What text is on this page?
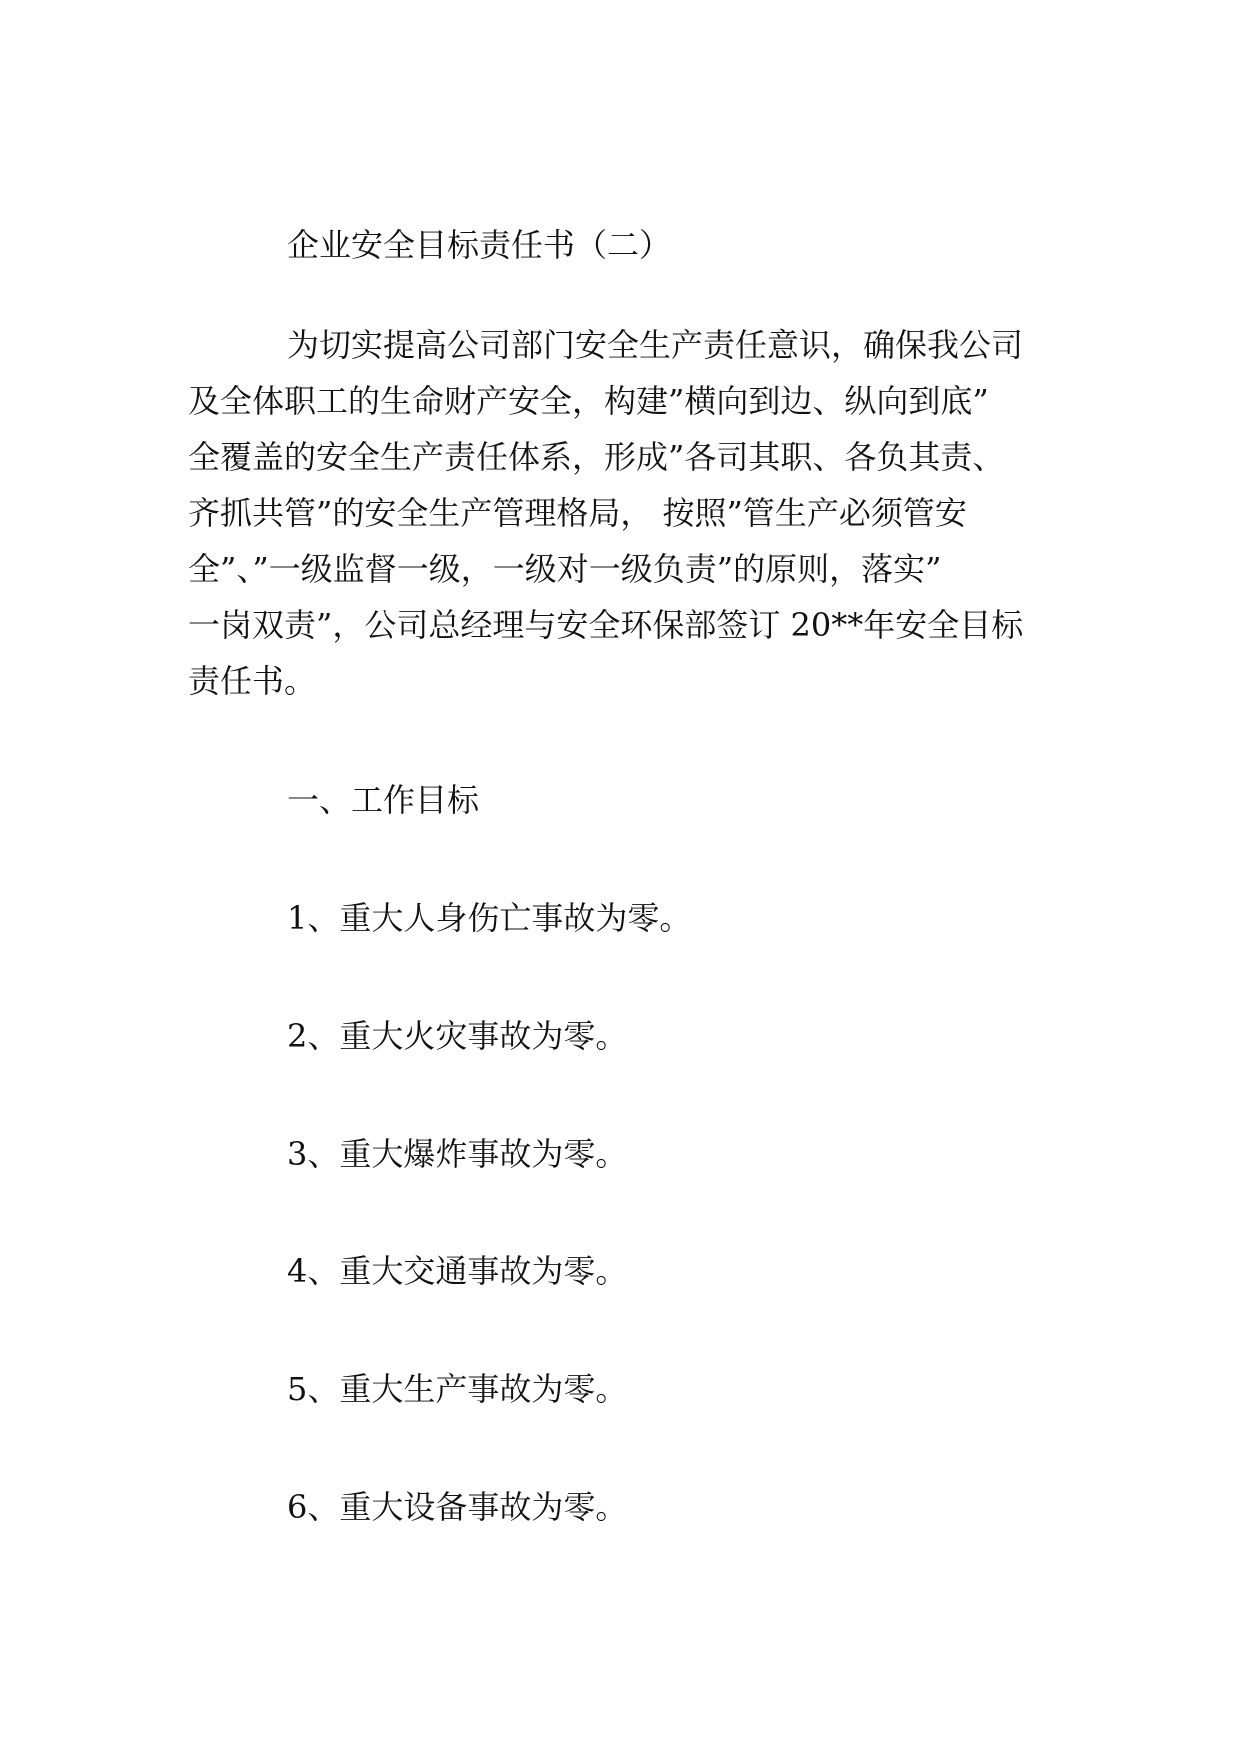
企业安全目标责任书（二）

为切实提高公司部门安全生产责任意识，确保我公司

及全体职工的生命财产安全，构建”横向到边、纵向到底”

全覆盖的安全生产责任体系，形成”各司其职、各负其责、

齐抓共管”的安全生产管理格局， 按照”管生产必须管安

全”、”一级监督一级，一级对一级负责”的原则，落实”

一岗双责”，公司总经理与安全环保部签订 20**年安全目标

责任书。

一、工作目标

1、重大人身伤亡事故为零。

2、重大火灾事故为零。

3、重大爆炸事故为零。

4、重大交通事故为零。

5、重大生产事故为零。

6、重大设备事故为零。
